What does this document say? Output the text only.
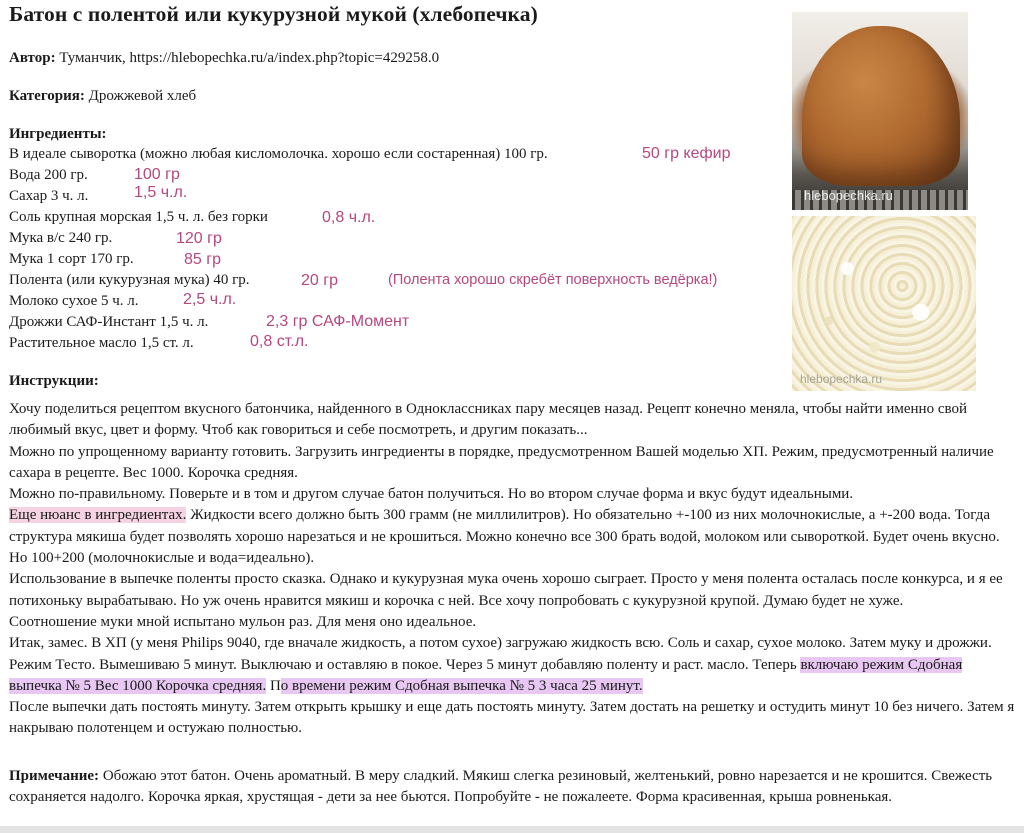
Батон с полентой или кукурузной мукой (хлебопечка)
Автор: Туманчик, https://hlebopechka.ru/a/index.php?topic=429258.0
Категория: Дрожжевой хлеб
Ингредиенты:
В идеале сыворотка (можно любая кисломолочка. хорошо если состаренная) 100 гр.
Вода 200 гр.
Сахар 3 ч. л.
Соль крупная морская 1,5 ч. л. без горки
Мука в/с 240 гр.
Мука 1 сорт 170 гр.
Полента (или кукурузная мука) 40 гр.
Молоко сухое 5 ч. л.
Дрожжи САФ-Инстант 1,5 ч. л.
Растительное масло 1,5 ст. л.
50 гр кефир
100 гр
1,5 ч.л.
0,8 ч.л.
120 гр
85 гр
20 гр	(Полента хорошо скребёт поверхность ведёрка!)
2,5 ч.л.
2,3 гр САФ-Момент
0,8 ст.л.
hlebopechka.ru
hlebopechka.ru
Инструкции:

Хочу поделиться рецептом вкусного батончика, найденного в Одноклассниках пару месяцев назад. Рецепт конечно меняла, чтобы найти именно свой любимый вкус, цвет и форму. Чтоб как говориться и себе посмотреть, и другим показать...

Можно по упрощенному варианту готовить. Загрузить ингредиенты в порядке, предусмотренном Вашей моделью ХП. Режим, предусмотренный наличие сахара в рецепте. Вес 1000. Корочка средняя.

Можно по-правильному. Поверьте и в том и другом случае батон получиться. Но во втором случае форма и вкус будут идеальными.

Еще нюанс в ингредиентах. Жидкости всего должно быть 300 грамм (не миллилитров). Но обязательно +-100 из них молочнокислые, а +-200 вода. Тогда структура мякиша будет позволять хорошо нарезаться и не крошиться. Можно конечно все 300 брать водой, молоком или сывороткой. Будет очень вкусно. Но 100+200 (молочнокислые и вода=идеально).

Использование в выпечке поленты просто сказка. Однако и кукурузная мука очень хорошо сыграет. Просто у меня полента осталась после конкурса, и я ее потихоньку вырабатываю. Но уж очень нравится мякиш и корочка с ней. Все хочу попробовать с кукурузной крупой. Думаю будет не хуже.

Соотношение муки мной испытано мульон раз. Для меня оно идеальное.

Итак, замес. В ХП (у меня Philips 9040, где вначале жидкость, а потом сухое) загружаю жидкость всю. Соль и сахар, сухое молоко. Затем муку и дрожжи. Режим Тесто. Вымешиваю 5 минут. Выключаю и оставляю в покое. Через 5 минут добавляю поленту и раст. масло. Теперь включаю режим Сдобная выпечка № 5 Вес 1000 Корочка средняя. По времени режим Сдобная выпечка № 5 3 часа 25 минут.

После выпечки дать постоять минуту. Затем открыть крышку и еще дать постоять минуту. Затем достать на решетку и остудить минут 10 без ничего. Затем я накрываю полотенцем и остужаю полностью.

Примечание: Обожаю этот батон. Очень ароматный. В меру сладкий. Мякиш слегка резиновый, желтенький, ровно нарезается и не крошится. Свежесть сохраняется надолго. Корочка яркая, хрустящая - дети за нее бьются. Попробуйте - не пожалеете. Форма красивенная, крыша ровненькая.
